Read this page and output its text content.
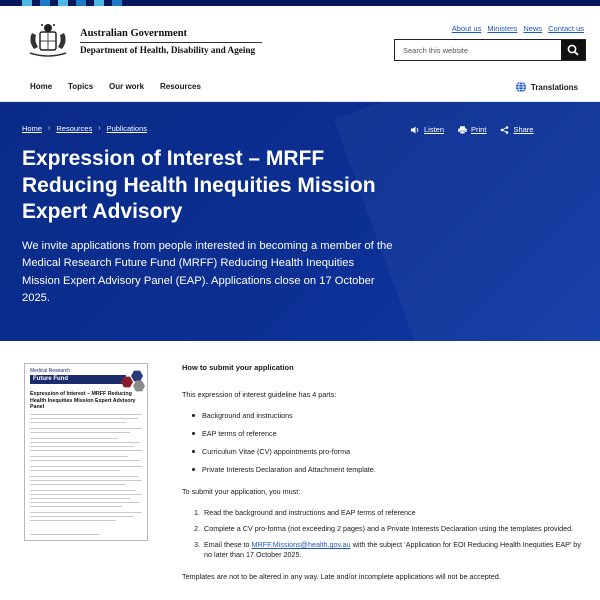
Australian Government
Department of Health, Disability and Ageing
About us Ministers News Contact us
Search this website
Home Topics Our work Resources	Translations
Home › Resources › Publications	Listen	Print	Share
Expression of Interest – MRFF Reducing Health Inequities Mission Expert Advisory

We invite applications from people interested in becoming a member of the Medical Research Future Fund (MRFF) Reducing Health Inequities Mission Expert Advisory Panel (EAP). Applications close on 17 October 2025.

Medical Research
Future Fund
Expression of Interest – MRFF Reducing Health Inequities Mission Expert Advisory Panel
How to submit your application

This expression of interest guideline has 4 parts:

Background and instructions
EAP terms of reference
Curriculum Vitae (CV) appointments pro-forma
Private Interests Declaration and Attachment template.

To submit your application, you must:

1. Read the background and instructions and EAP terms of reference
2. Complete a CV pro-forma (not exceeding 2 pages) and a Private Interests Declaration using the templates provided.
3. Email these to MRFF.Missions@health.gov.au with the subject ‘Application for EOI Reducing Health Inequities EAP’ by no later than 17 October 2025.

Templates are not to be altered in any way. Late and/or incomplete applications will not be accepted.
